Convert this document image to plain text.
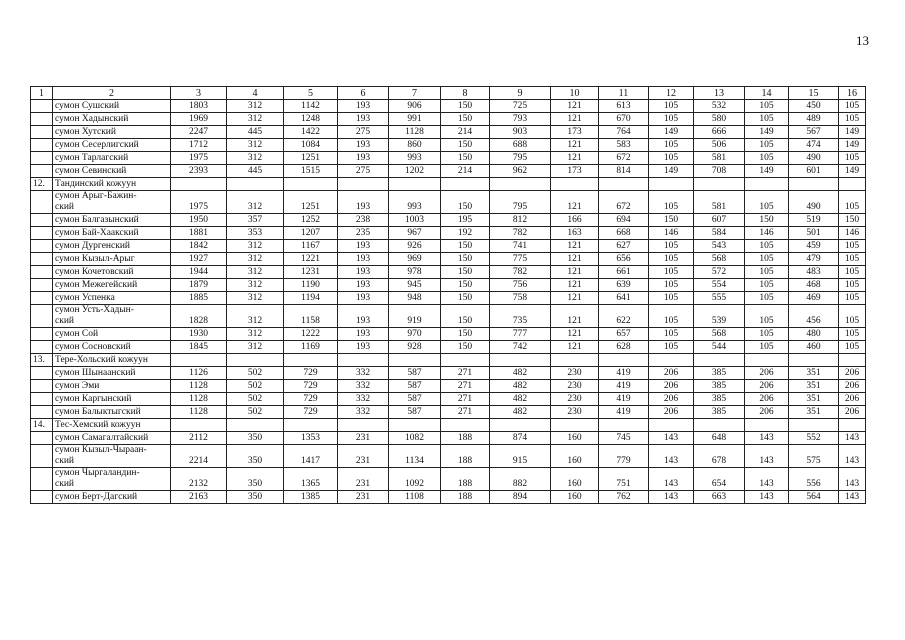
13
1	2	3	4	5	6	7	8	9	10	11	12	13	14	15	16
	сумон Сушский	1803	312	1142	193	906	150	725	121	613	105	532	105	450	105
	сумон Хадынский	1969	312	1248	193	991	150	793	121	670	105	580	105	489	105
	сумон Хутский	2247	445	1422	275	1128	214	903	173	764	149	666	149	567	149
	сумон Сесерлигский	1712	312	1084	193	860	150	688	121	583	105	506	105	474	149
	сумон Тарлагский	1975	312	1251	193	993	150	795	121	672	105	581	105	490	105
	сумон Севинский	2393	445	1515	275	1202	214	962	173	814	149	708	149	601	149
12.	Тандинский кожуун														
	сумон Арыг-Бажин-
ский	1975	312	1251	193	993	150	795	121	672	105	581	105	490	105
	сумон Балгазынский	1950	357	1252	238	1003	195	812	166	694	150	607	150	519	150
	сумон Бай-Хаакский	1881	353	1207	235	967	192	782	163	668	146	584	146	501	146
	сумон Дургенский	1842	312	1167	193	926	150	741	121	627	105	543	105	459	105
	сумон Кызыл-Арыг	1927	312	1221	193	969	150	775	121	656	105	568	105	479	105
	сумон Кочетовский	1944	312	1231	193	978	150	782	121	661	105	572	105	483	105
	сумон Межегейский	1879	312	1190	193	945	150	756	121	639	105	554	105	468	105
	сумон Успенка	1885	312	1194	193	948	150	758	121	641	105	555	105	469	105
	сумон Усть-Хадын-
ский	1828	312	1158	193	919	150	735	121	622	105	539	105	456	105
	сумон Сой	1930	312	1222	193	970	150	777	121	657	105	568	105	480	105
	сумон Сосновский	1845	312	1169	193	928	150	742	121	628	105	544	105	460	105
13.	Тере-Хольский кожуун														
	сумон Шынаанский	1126	502	729	332	587	271	482	230	419	206	385	206	351	206
	сумон Эми	1128	502	729	332	587	271	482	230	419	206	385	206	351	206
	сумон Каргынский	1128	502	729	332	587	271	482	230	419	206	385	206	351	206
	сумон Балыктыгский	1128	502	729	332	587	271	482	230	419	206	385	206	351	206
14.	Тес-Хемский кожуун														
	сумон Самагалтайский	2112	350	1353	231	1082	188	874	160	745	143	648	143	552	143
	сумон Кызыл-Чыраан-
ский	2214	350	1417	231	1134	188	915	160	779	143	678	143	575	143
	сумон Чыргаландин-
ский	2132	350	1365	231	1092	188	882	160	751	143	654	143	556	143
	сумон Берт-Дагский	2163	350	1385	231	1108	188	894	160	762	143	663	143	564	143
